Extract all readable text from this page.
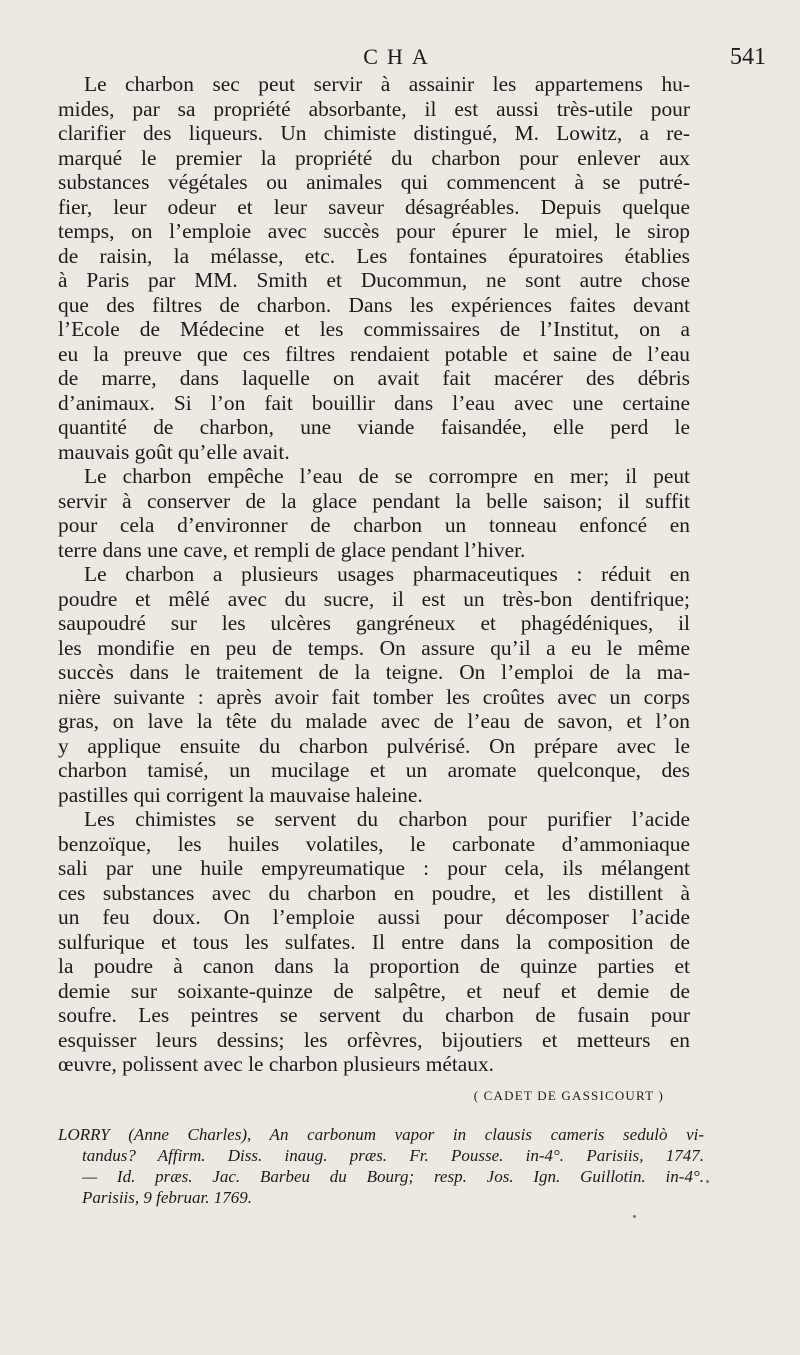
CHA	541
Le charbon sec peut servir à assainir les appartemens hu-
mides, par sa propriété absorbante, il est aussi très-utile pour
clarifier des liqueurs. Un chimiste distingué, M. Lowitz, a re-
marqué le premier la propriété du charbon pour enlever aux
substances végétales ou animales qui commencent à se putré-
fier, leur odeur et leur saveur désagréables. Depuis quelque
temps, on l’emploie avec succès pour épurer le miel, le sirop
de raisin, la mélasse, etc. Les fontaines épuratoires établies
à Paris par MM. Smith et Ducommun, ne sont autre chose
que des filtres de charbon. Dans les expériences faites devant
l’Ecole de Médecine et les commissaires de l’Institut, on a
eu la preuve que ces filtres rendaient potable et saine de l’eau
de marre, dans laquelle on avait fait macérer des débris
d’animaux. Si l’on fait bouillir dans l’eau avec une certaine
quantité de charbon, une viande faisandée, elle perd le
mauvais goût qu’elle avait.
Le charbon empêche l’eau de se corrompre en mer; il peut
servir à conserver de la glace pendant la belle saison; il suffit
pour cela d’environner de charbon un tonneau enfoncé en
terre dans une cave, et rempli de glace pendant l’hiver.
Le charbon a plusieurs usages pharmaceutiques : réduit en
poudre et mêlé avec du sucre, il est un très-bon dentifrique;
saupoudré sur les ulcères gangréneux et phagédéniques, il
les mondifie en peu de temps. On assure qu’il a eu le même
succès dans le traitement de la teigne. On l’emploi de la ma-
nière suivante : après avoir fait tomber les croûtes avec un corps
gras, on lave la tête du malade avec de l’eau de savon, et l’on
y applique ensuite du charbon pulvérisé. On prépare avec le
charbon tamisé, un mucilage et un aromate quelconque, des
pastilles qui corrigent la mauvaise haleine.
Les chimistes se servent du charbon pour purifier l’acide
benzoïque, les huiles volatiles, le carbonate d’ammoniaque
sali par une huile empyreumatique : pour cela, ils mélangent
ces substances avec du charbon en poudre, et les distillent à
un feu doux. On l’emploie aussi pour décomposer l’acide
sulfurique et tous les sulfates. Il entre dans la composition de
la poudre à canon dans la proportion de quinze parties et
demie sur soixante-quinze de salpêtre, et neuf et demie de
soufre. Les peintres se servent du charbon de fusain pour
esquisser leurs dessins; les orfèvres, bijoutiers et metteurs en
œuvre, polissent avec le charbon plusieurs métaux.
( CADET DE GASSICOURT )
LORRY (Anne Charles), An carbonum vapor in clausis cameris sedulò vi-
tandus? Affirm. Diss. inaug. præs. Fr. Pousse. in-4°. Parisiis, 1747.
— Id. præs. Jac. Barbeu du Bourg; resp. Jos. Ign. Guillotin. in-4°.
Parisiis, 9 februar. 1769.
